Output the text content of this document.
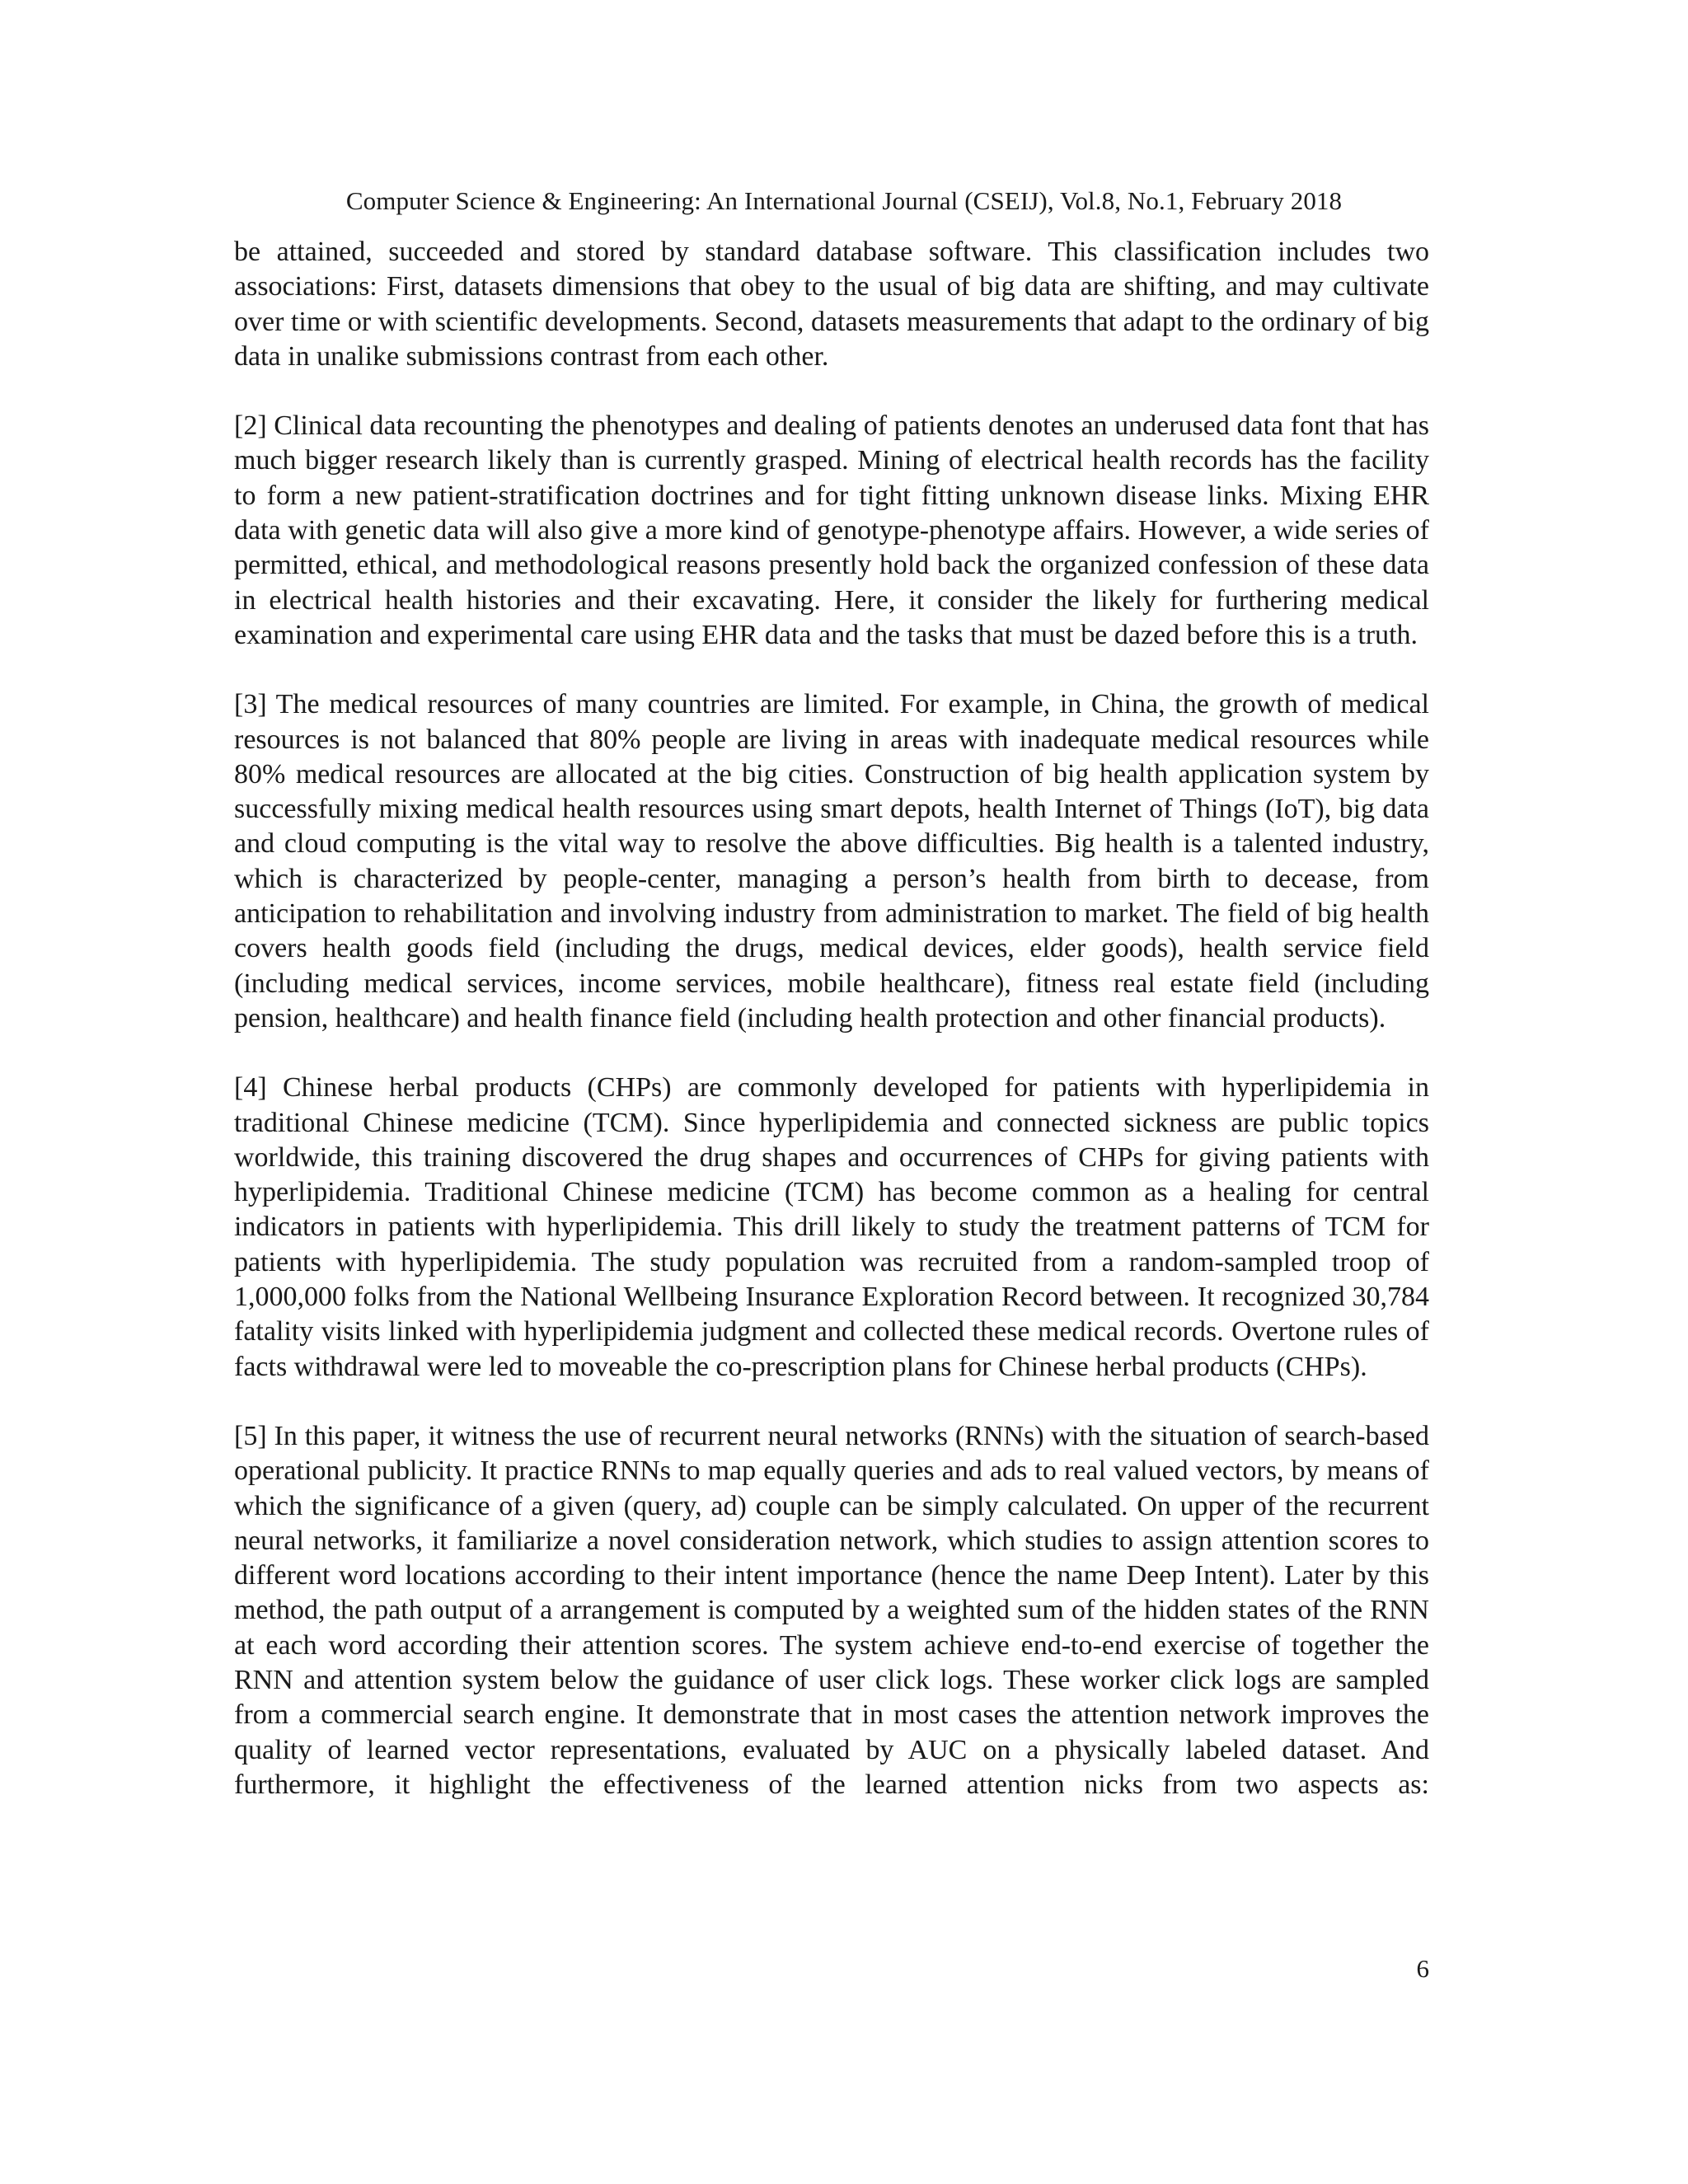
Computer Science & Engineering: An International Journal (CSEIJ), Vol.8, No.1, February 2018

be attained, succeeded and stored by standard database software. This classification includes two associations: First, datasets dimensions that obey to the usual of big data are shifting, and may cultivate over time or with scientific developments. Second, datasets measurements that adapt to the ordinary of big data in unalike submissions contrast from each other.

[2] Clinical data recounting the phenotypes and dealing of patients denotes an underused data font that has much bigger research likely than is currently grasped. Mining of electrical health records has the facility to form a new patient-stratification doctrines and for tight fitting unknown disease links. Mixing EHR data with genetic data will also give a more kind of genotype-phenotype affairs. However, a wide series of permitted, ethical, and methodological reasons presently hold back the organized confession of these data in electrical health histories and their excavating. Here, it consider the likely for furthering medical examination and experimental care using EHR data and the tasks that must be dazed before this is a truth.

[3] The medical resources of many countries are limited. For example, in China, the growth of medical resources is not balanced that 80% people are living in areas with inadequate medical resources while 80% medical resources are allocated at the big cities. Construction of big health application system by successfully mixing medical health resources using smart depots, health Internet of Things (IoT), big data and cloud computing is the vital way to resolve the above difficulties. Big health is a talented industry, which is characterized by people-center, managing a person’s health from birth to decease, from anticipation to rehabilitation and involving industry from administration to market. The field of big health covers health goods field (including the drugs, medical devices, elder goods), health service field (including medical services, income services, mobile healthcare), fitness real estate field (including pension, healthcare) and health finance field (including health protection and other financial products).

[4] Chinese herbal products (CHPs) are commonly developed for patients with hyperlipidemia in traditional Chinese medicine (TCM). Since hyperlipidemia and connected sickness are public topics worldwide, this training discovered the drug shapes and occurrences of CHPs for giving patients with hyperlipidemia. Traditional Chinese medicine (TCM) has become common as a healing for central indicators in patients with hyperlipidemia. This drill likely to study the treatment patterns of TCM for patients with hyperlipidemia. The study population was recruited from a random-sampled troop of 1,000,000 folks from the National Wellbeing Insurance Exploration Record between. It recognized 30,784 fatality visits linked with hyperlipidemia judgment and collected these medical records. Overtone rules of facts withdrawal were led to moveable the co-prescription plans for Chinese herbal products (CHPs).

[5] In this paper, it witness the use of recurrent neural networks (RNNs) with the situation of search-based operational publicity. It practice RNNs to map equally queries and ads to real valued vectors, by means of which the significance of a given (query, ad) couple can be simply calculated. On upper of the recurrent neural networks, it familiarize a novel consideration network, which studies to assign attention scores to different word locations according to their intent importance (hence the name Deep Intent). Later by this method, the path output of a arrangement is computed by a weighted sum of the hidden states of the RNN at each word according their attention scores. The system achieve end-to-end exercise of together the RNN and attention system below the guidance of user click logs. These worker click logs are sampled from a commercial search engine. It demonstrate that in most cases the attention network improves the quality of learned vector representations, evaluated by AUC on a physically labeled dataset. And furthermore, it highlight the effectiveness of the learned attention nicks from two aspects as:

6
